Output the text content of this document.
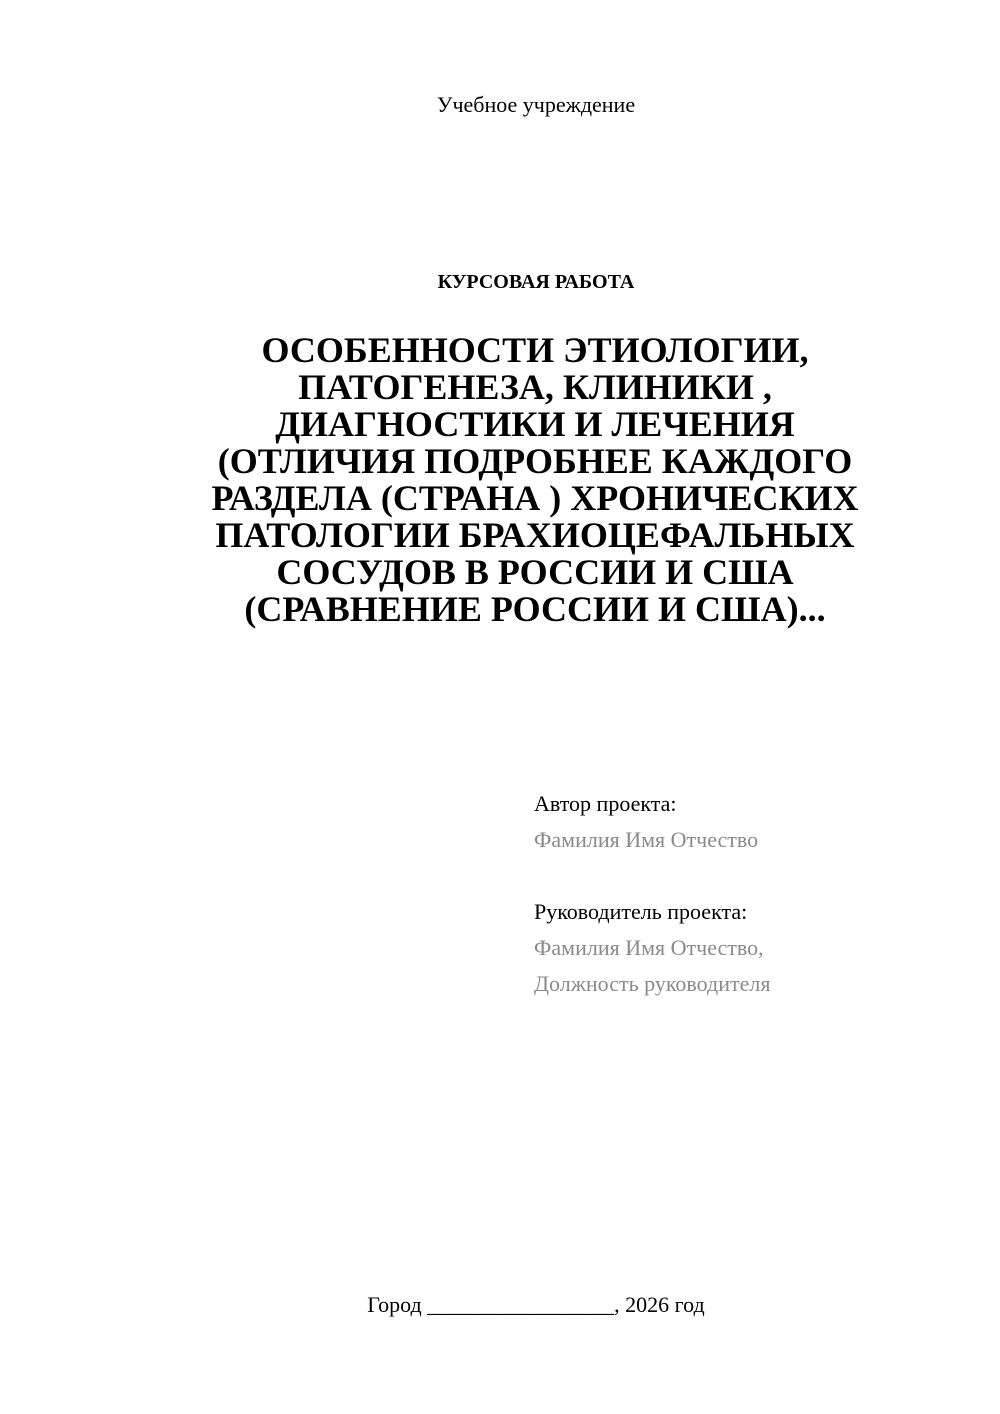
Учебное учреждение
КУРСОВАЯ РАБОТА
ОСОБЕННОСТИ ЭТИОЛОГИИ,
ПАТОГЕНЕЗА, КЛИНИКИ ,
ДИАГНОСТИКИ И ЛЕЧЕНИЯ
(ОТЛИЧИЯ ПОДРОБНЕЕ КАЖДОГО
РАЗДЕЛА (СТРАНА ) ХРОНИЧЕСКИХ
ПАТОЛОГИИ БРАХИОЦЕФАЛЬНЫХ
СОСУДОВ В РОССИИ И США
(СРАВНЕНИЕ РОССИИ И США)...
Автор проекта:
Фамилия Имя Отчество
Руководитель проекта:
Фамилия Имя Отчество,
Должность руководителя
Город _________________, 2026 год
